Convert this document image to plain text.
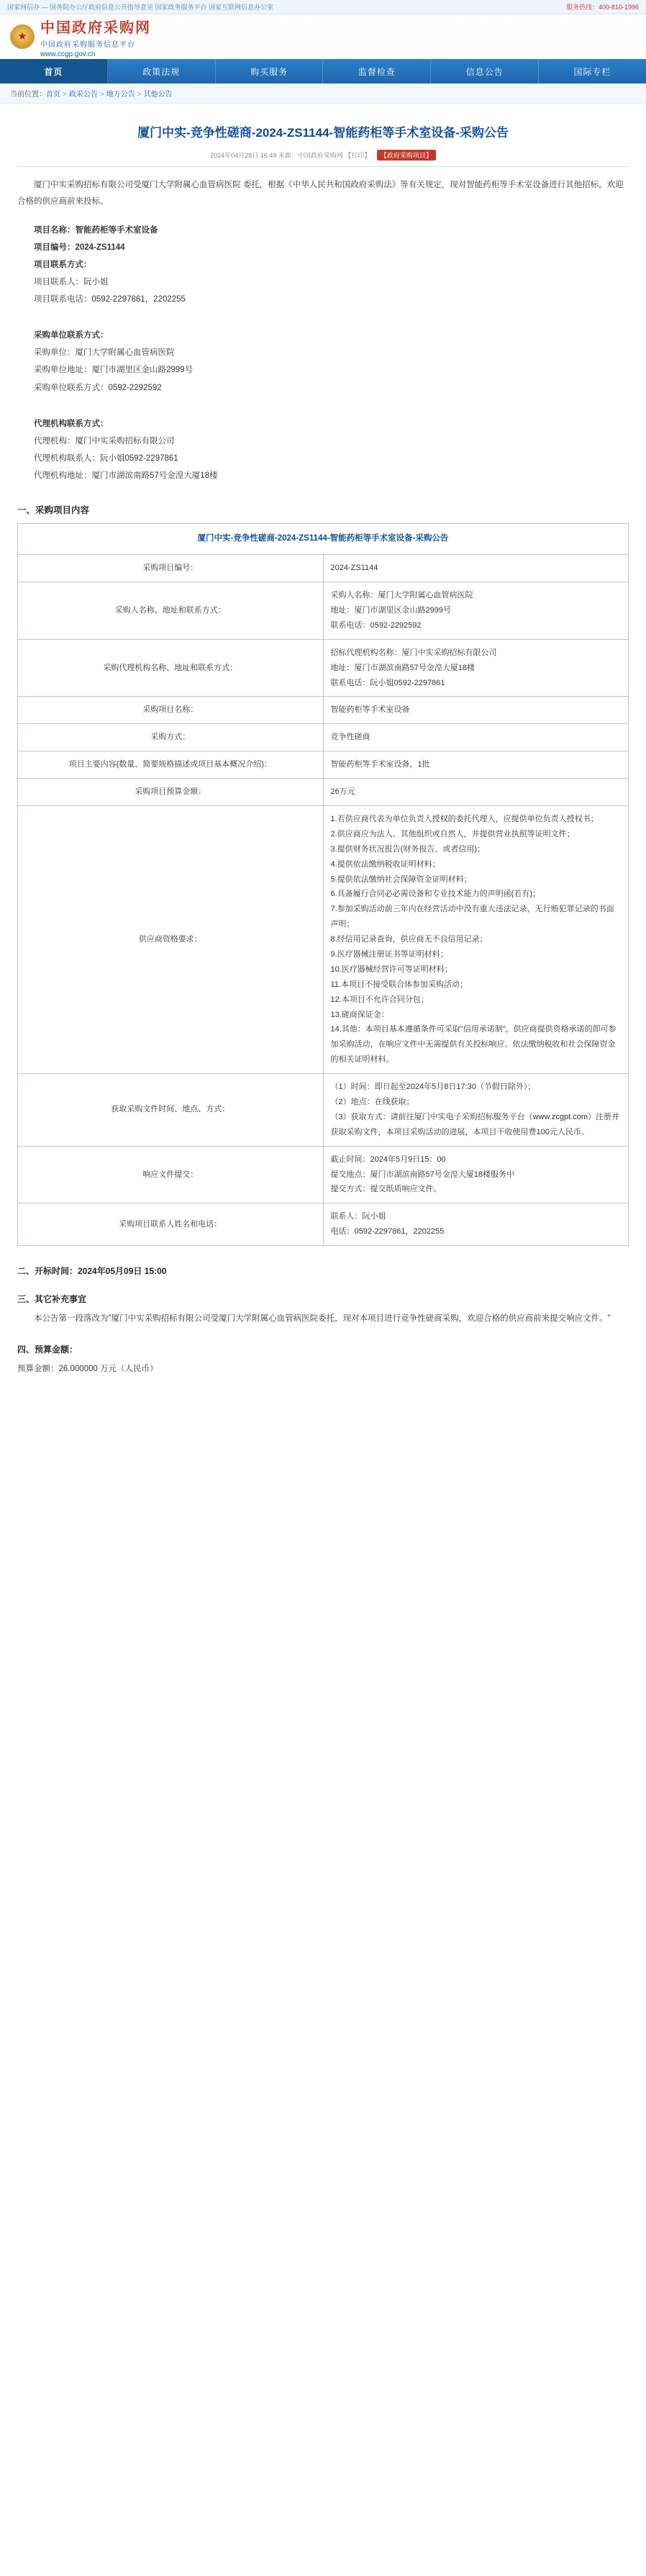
国家网信办 — 国务院办公厅政府信息公开指导意见 国家政务服务平台 国家互联网信息办公室	服务热线：400-810-1996
★
中国政府采购网
中国政府采购服务信息平台
www.ccgp.gov.cn
首页	政策法规	购买服务	监督检查	信息公告	国际专栏
当前位置：首页 > 政采公告 > 地方公告 > 其他公告
厦门中实-竞争性磋商-2024-ZS1144-智能药柜等手术室设备-采购公告
2024年04月28日 16:49 来源：中国政府采购网 【打印】 【政府采购项目】

厦门中实采购招标有限公司受厦门大学附属心血管病医院 委托，根据《中华人民共和国政府采购法》等有关规定，现对智能药柜等手术室设备进行其他招标，欢迎合格的供应商前来投标。

项目名称：智能药柜等手术室设备
项目编号：2024-ZS1144
项目联系方式：
项目联系人：阮小姐
项目联系电话：0592-2297861，2202255
采购单位联系方式：
采购单位：厦门大学附属心血管病医院
采购单位地址：厦门市湖里区金山路2999号
采购单位联系方式：0592-2292592
代理机构联系方式：
代理机构：厦门中实采购招标有限公司
代理机构联系人：阮小姐0592-2297861
代理机构地址：厦门市湖滨南路57号金湟大厦18楼
一、采购项目内容
厦门中实-竞争性磋商-2024-ZS1144-智能药柜等手术室设备-采购公告	
采购项目编号：	2024-ZS1144
采购人名称、地址和联系方式：	采购人名称：厦门大学附属心血管病医院
地址：厦门市湖里区金山路2999号
联系电话：0592-2292592

采购代理机构名称、地址和联系方式：	招标代理机构名称：厦门中实采购招标有限公司
地址：厦门市湖滨南路57号金湟大厦18楼
联系电话：阮小姐0592-2297861

采购项目名称：	智能药柜等手术室设备
采购方式：	竞争性磋商
项目主要内容(数量、简要规格描述或项目基本概况介绍)：	智能药柜等手术室设备，1批
采购项目预算金额：	26万元
供应商资格要求：	
1.若供应商代表为单位负责人授权的委托代理人，应提供单位负责人授权书；
2.供应商应为法人、其他组织或自然人，并提供营业执照等证明文件；
3.提供财务状况报告(财务报告、或者信用)；
4.提供依法缴纳税收证明材料；
5.提供依法缴纳社会保障资金证明材料；
6.具备履行合同必必需设备和专业技术能力的声明函(若有)；
7.参加采购活动前三年内在经营活动中没有重大违法记录，无行贿犯罪记录的书面声明；
8.经信用记录查询，供应商无不良信用记录；
9.医疗器械注册证书等证明材料；
10.医疗器械经营许可等证明材料；
11.本项目不接受联合体参加采购活动；
12.本项目不允许合同分包；
13.磋商保证金：
14.其他：本项目基本遵循条件可采取"信用承诺制"，供应商提供资格承诺的即可参加采购活动，在响应文件中无需提供有关投标响应、依法缴纳税收和社会保障资金的相关证明材料。

获取采购文件时间、地点、方式：	（1）时间：即日起至2024年5月8日17:30（节假日除外）；
（2）地点：在线获取；
（3）获取方式：请前往厦门中实电子采购招标服务平台（www.zcgpt.com）注册并获取采购文件，本项目采购活动的进展，本项目干收使用费100元人民币。

响应文件提交：	截止时间：2024年5月9日15：00
提交地点：厦门市湖滨南路57号金湟大厦18楼服务中
提交方式：提交纸质响应文件。

采购项目联系人姓名和电话：	联系人：阮小姐
电话：0592-2297861，2202255
二、开标时间：2024年05月09日 15:00
三、其它补充事宜
本公告第一段落改为"厦门中实采购招标有限公司受厦门大学附属心血管病医院委托，现对本项目进行竞争性磋商采购，欢迎合格的供应商前来提交响应文件。"
四、预算金额：
预算金额：26.000000 万元（人民币）
